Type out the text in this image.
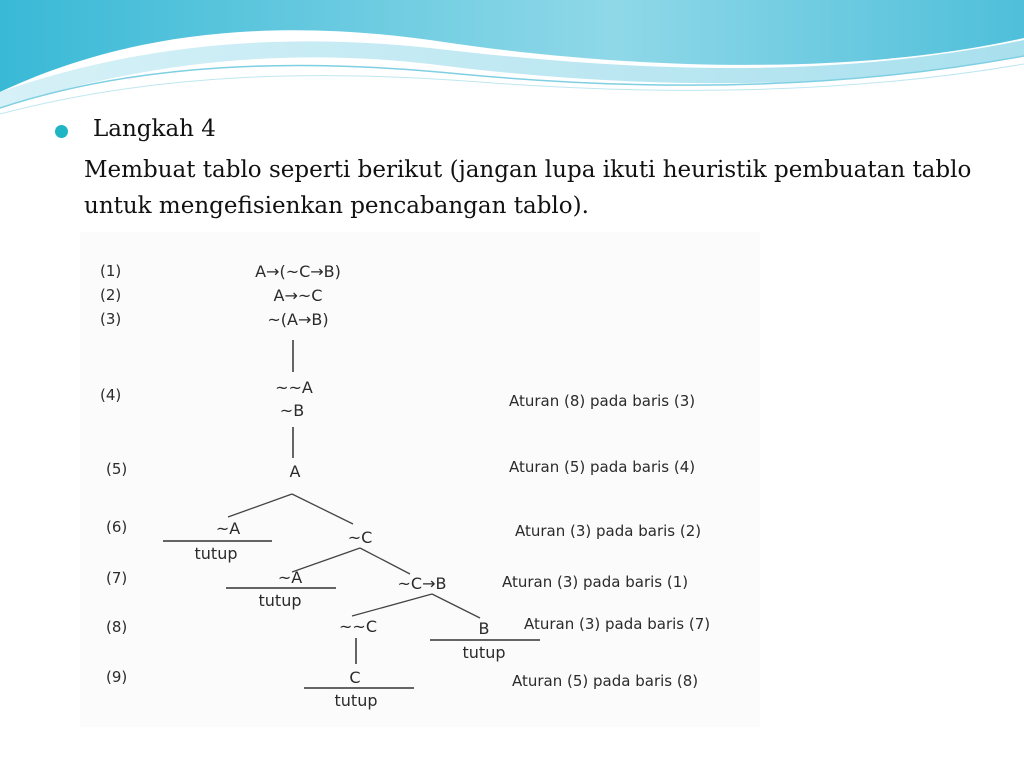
Langkah 4
Membuat tablo seperti berikut (jangan lupa ikuti heuristik pembuatan tablo untuk mengefisienkan pencabangan tablo).
(1)
(2)
(3)
(4)
(5)
(6)
(7)
(8)
(9)
A→(~C→B)
A→~C
~(A→B)
~~A
~B
A
~A
tutup
~C
~A
tutup
~C→B
~~C	B
tutup
C
tutup
Aturan (8) pada baris (3)
Aturan (5) pada baris (4)
Aturan (3) pada baris (2)
Aturan (3) pada baris (1)
Aturan (3) pada baris (7)
Aturan (5) pada baris (8)
